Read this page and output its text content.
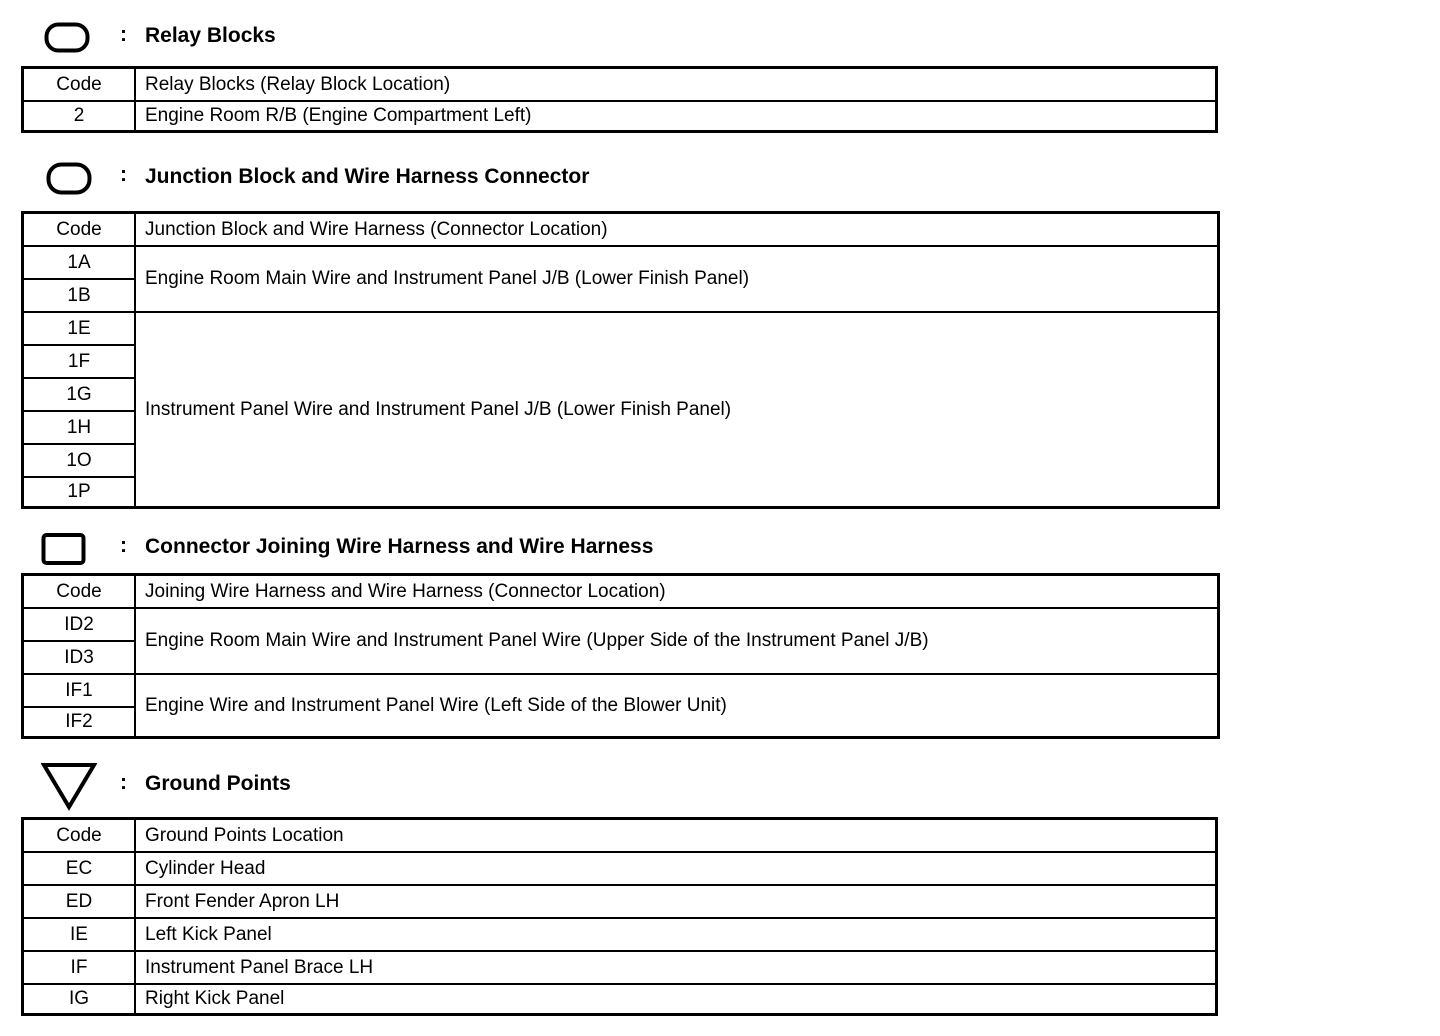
: Relay Blocks
Code	Relay Blocks (Relay Block Location)
2	Engine Room R/B (Engine Compartment Left)
: Junction Block and Wire Harness Connector
Code	Junction Block and Wire Harness (Connector Location)
1A	Engine Room Main Wire and Instrument Panel J/B (Lower Finish Panel)
1B	
1E	Instrument Panel Wire and Instrument Panel J/B (Lower Finish Panel)
1F	
1G	
1H	
1O	
1P	
: Connector Joining Wire Harness and Wire Harness
Code	Joining Wire Harness and Wire Harness (Connector Location)
ID2	Engine Room Main Wire and Instrument Panel Wire (Upper Side of the Instrument Panel J/B)
ID3	
IF1	Engine Wire and Instrument Panel Wire (Left Side of the Blower Unit)
IF2	
: Ground Points
Code	Ground Points Location
EC	Cylinder Head
ED	Front Fender Apron LH
IE	Left Kick Panel
IF	Instrument Panel Brace LH
IG	Right Kick Panel
